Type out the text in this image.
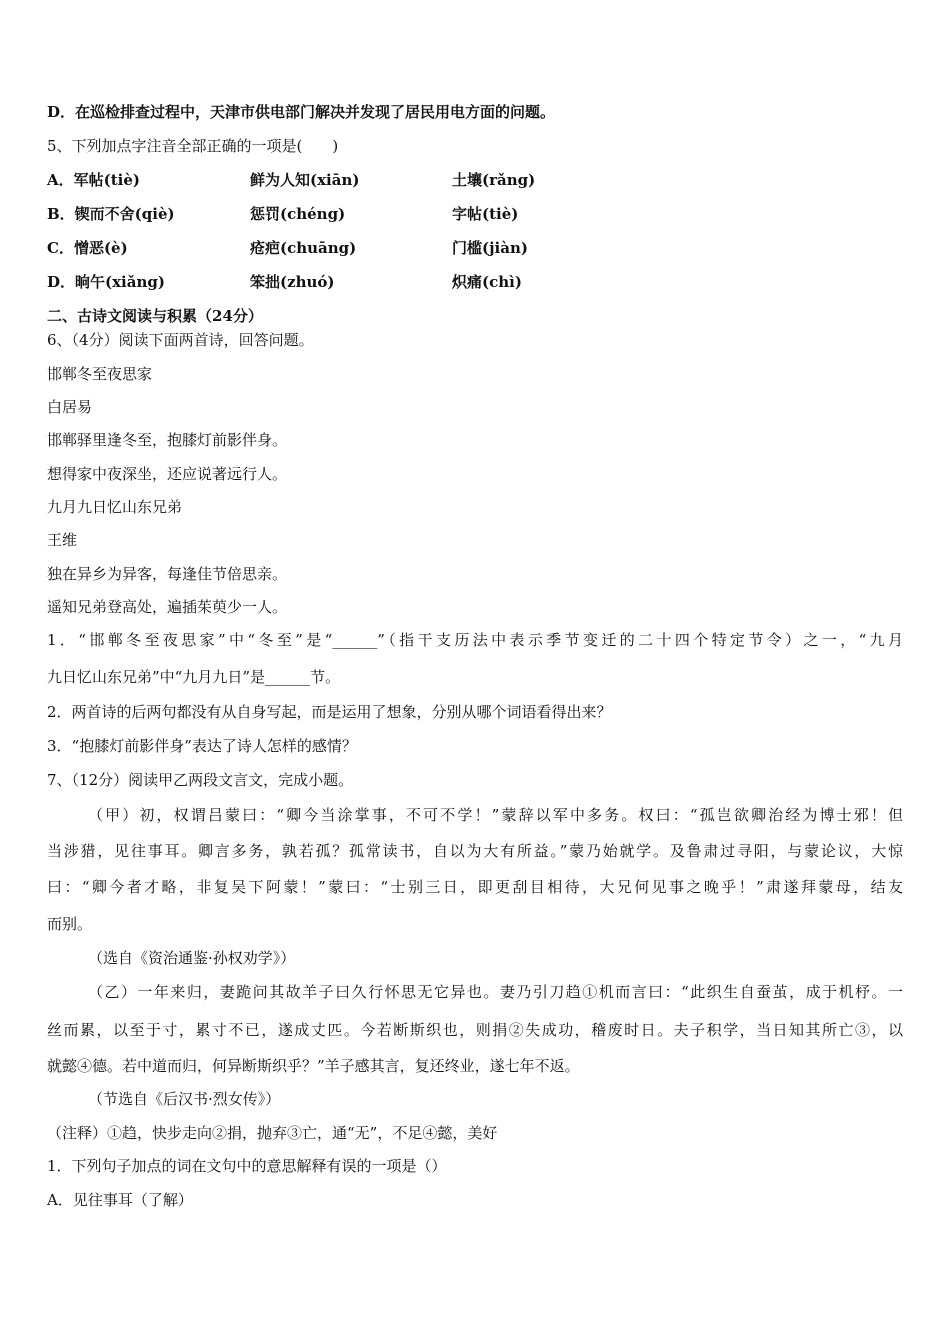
D．在巡检排查过程中，天津市供电部门解决并发现了居民用电方面的问题。
5、下列加点字注音全部正确的一项是(　　)
A．军帖(tiè)	鲜为人知(xiān)	土壤(rǎng)
B．锲而不舍(qiè)	惩罚(chéng)	字帖(tiè)
C．憎恶(è)	疮疤(chuāng)	门槛(jiàn)
D．晌午(xiǎng)	笨拙(zhuó)	炽痛(chì)
二、古诗文阅读与积累（24分）
6、（4分）阅读下面两首诗，回答问题。
邯郸冬至夜思家
白居易
邯郸驿里逢冬至，抱膝灯前影伴身。
想得家中夜深坐，还应说著远行人。
九月九日忆山东兄弟
王维
独在异乡为异客，每逢佳节倍思亲。
遥知兄弟登高处，遍插茱萸少一人。
1．“邯郸冬至夜思家”中“冬至”是“______”（指干支历法中表示季节变迁的二十四个特定节令）之一，“九月
九日忆山东兄弟”中“九月九日”是______节。
2．两首诗的后两句都没有从自身写起，而是运用了想象，分别从哪个词语看得出来？
3．“抱膝灯前影伴身”表达了诗人怎样的感情？
7、（12分）阅读甲乙两段文言文，完成小题。
（甲）初，权谓吕蒙曰：“卿今当涂掌事，不可不学！”蒙辞以军中多务。权曰：“孤岂欲卿治经为博士邪！但
当涉猎，见往事耳。卿言多务，孰若孤？孤常读书，自以为大有所益。”蒙乃始就学。及鲁肃过寻阳，与蒙论议，大惊
曰：“卿今者才略，非复吴下阿蒙！”蒙曰：“士别三日，即更刮目相待，大兄何见事之晚乎！”肃遂拜蒙母，结友
而别。
（选自《资治通鉴·孙权劝学》）
（乙）一年来归，妻跪问其故羊子曰久行怀思无它异也。妻乃引刀趋①机而言曰：“此织生自蚕茧，成于机杼。一
丝而累，以至于寸，累寸不已，遂成丈匹。今若断斯织也，则捐②失成功，稽废时日。夫子积学，当日知其所亡③，以
就懿④德。若中道而归，何异断斯织乎？”羊子感其言，复还终业，遂七年不返。
（节选自《后汉书·烈女传》）
（注释）①趋，快步走向②捐，抛弃③亡，通“无”，不足④懿，美好
1．下列句子加点的词在文句中的意思解释有误的一项是（）
A．见往事耳（了解）
